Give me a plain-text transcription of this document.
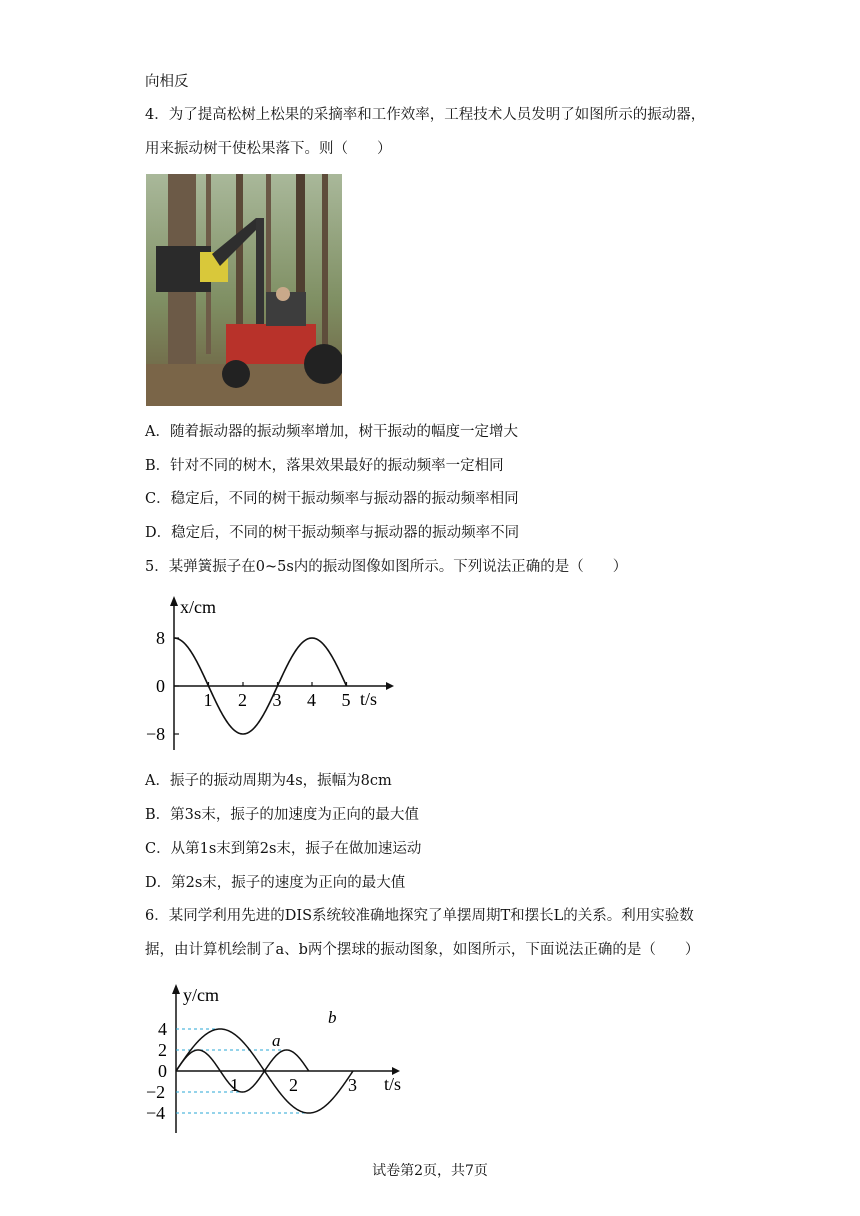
向相反
4．为了提高松树上松果的采摘率和工作效率，工程技术人员发明了如图所示的振动器，
用来振动树干使松果落下。则（　　）
A．随着振动器的振动频率增加，树干振动的幅度一定增大
B．针对不同的树木，落果效果最好的振动频率一定相同
C．稳定后，不同的树干振动频率与振动器的振动频率相同
D．稳定后，不同的树干振动频率与振动器的振动频率不同
5．某弹簧振子在0~5s内的振动图像如图所示。下列说法正确的是（　　）
1 2 3 4 5
8
0
−8
x/cm
t/s
A．振子的振动周期为4s，振幅为8cm
B．第3s末，振子的加速度为正向的最大值
C．从第1s末到第2s末，振子在做加速运动
D．第2s末，振子的速度为正向的最大值
6．某同学利用先进的DIS系统较准确地探究了单摆周期T和摆长L的关系。利用实验数
据，由计算机绘制了a、b两个摆球的振动图象，如图所示，下面说法正确的是（　　）
1	2	3
4
2
0
−2
−4
y/cm
t/s
a
b
试卷第2页，共7页
